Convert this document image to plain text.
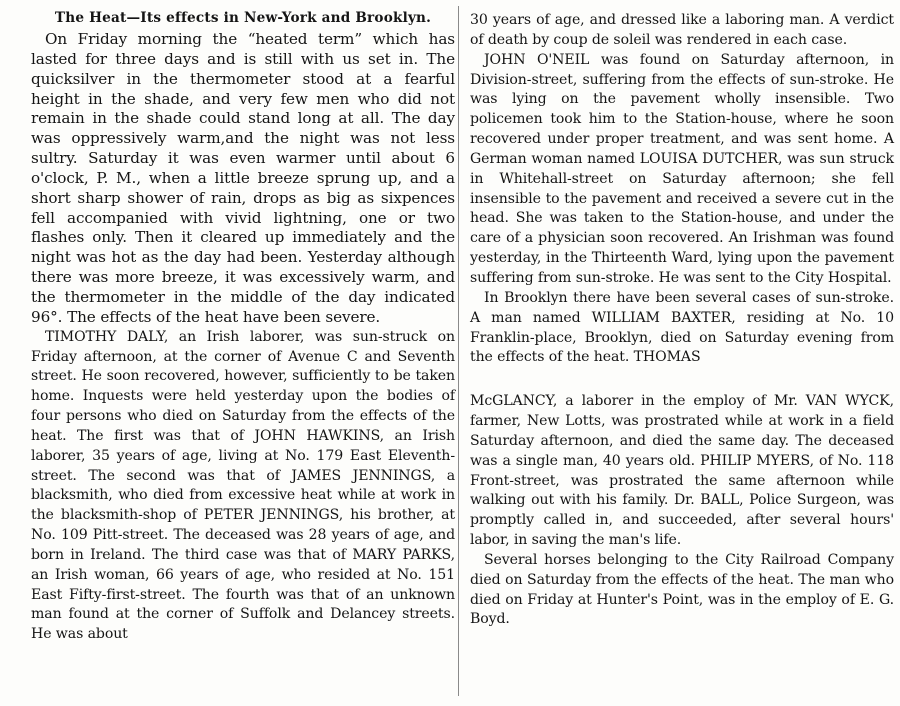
The Heat—Its effects in New-York and Brooklyn.

On Friday morning the “heated term” which has lasted for three days and is still with us set in. The quicksilver in the thermometer stood at a fearful height in the shade, and very few men who did not remain in the shade could stand long at all. The day was oppressively warm,and the night was not less sultry. Saturday it was even warmer until about 6 o'clock, P. M., when a little breeze sprung up, and a short sharp shower of rain, drops as big as sixpences fell accompanied with vivid lightning, one or two flashes only. Then it cleared up immediately and the night was hot as the day had been. Yesterday although there was more breeze, it was excessively warm, and the thermometer in the middle of the day indicated 96°. The effects of the heat have been severe.

TIMOTHY DALY, an Irish laborer, was sun-struck on Friday afternoon, at the corner of Avenue C and Seventh street. He soon recovered, however, sufficiently to be taken home. Inquests were held yesterday upon the bodies of four persons who died on Saturday from the effects of the heat. The first was that of JOHN HAWKINS, an Irish laborer, 35 years of age, living at No. 179 East Eleventh-street. The second was that of JAMES JENNINGS, a blacksmith, who died from excessive heat while at work in the blacksmith-shop of PETER JENNINGS, his brother, at No. 109 Pitt-street. The deceased was 28 years of age, and born in Ireland. The third case was that of MARY PARKS, an Irish woman, 66 years of age, who resided at No. 151 East Fifty-first-street. The fourth was that of an unknown man found at the corner of Suffolk and Delancey streets. He was about

30 years of age, and dressed like a laboring man. A verdict of death by coup de soleil was rendered in each case.

JOHN O'NEIL was found on Saturday afternoon, in Division-street, suffering from the effects of sun-stroke. He was lying on the pavement wholly insensible. Two policemen took him to the Station-house, where he soon recovered under proper treatment, and was sent home. A German woman named LOUISA DUTCHER, was sun struck in Whitehall-street on Saturday afternoon; she fell insensible to the pavement and received a severe cut in the head. She was taken to the Station-house, and under the care of a physician soon recovered. An Irishman was found yesterday, in the Thirteenth Ward, lying upon the pavement suffering from sun-stroke. He was sent to the City Hospital.

In Brooklyn there have been several cases of sun-stroke. A man named WILLIAM BAXTER, residing at No. 10 Franklin-place, Brooklyn, died on Saturday evening from the effects of the heat. THOMAS

McGLANCY, a laborer in the employ of Mr. VAN WYCK, farmer, New Lotts, was prostrated while at work in a field Saturday afternoon, and died the same day. The deceased was a single man, 40 years old. PHILIP MYERS, of No. 118 Front-street, was prostrated the same afternoon while walking out with his family. Dr. BALL, Police Surgeon, was promptly called in, and succeeded, after several hours' labor, in saving the man's life.

Several horses belonging to the City Railroad Company died on Saturday from the effects of the heat. The man who died on Friday at Hunter's Point, was in the employ of E. G. Boyd.
